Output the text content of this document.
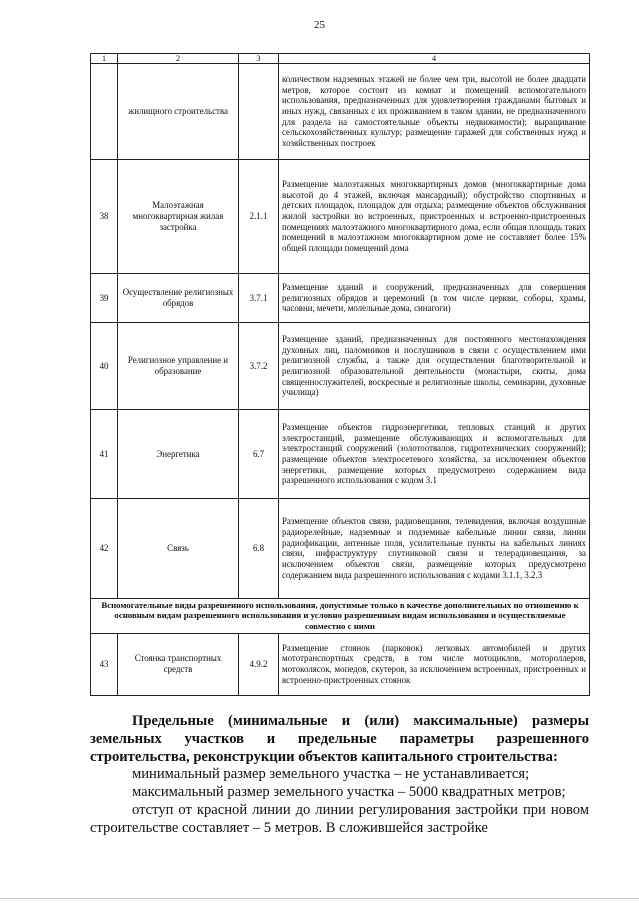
25
1	2	3	4
	жилищного строительства		количеством надземных этажей не более чем три, высотой не более двадцати метров, которое состоит из комнат и помещений вспомогательного использования, предназначенных для удовлетворения гражданами бытовых и иных нужд, связанных с их проживанием в таком здании, не предназначенного для раздела на самостоятельные объекты недвижимости); выращивание сельскохозяйственных культур; размещение гаражей для собственных нужд и хозяйственных построек
38	Малоэтажная многоквартирная жилая застройка	2.1.1	Размещение малоэтажных многоквартирных домов (многоквартирные дома высотой до 4 этажей, включая мансардный); обустройство спортивных и детских площадок, площадок для отдыха; размещение объектов обслуживания жилой застройки во встроенных, пристроенных и встроенно-пристроенных помещениях малоэтажного многоквартирного дома, если общая площадь таких помещений в малоэтажном многоквартирном доме не составляет более 15% общей площади помещений дома
39	Осуществление религиозных обрядов	3.7.1	Размещение зданий и сооружений, предназначенных для совершения религиозных обрядов и церемоний (в том числе церкви, соборы, храмы, часовни, мечети, молельные дома, синагоги)
40	Религиозное управление и образование	3.7.2	Размещение зданий, предназначенных для постоянного местонахождения духовных лиц, паломников и послушников в связи с осуществлением ими религиозной службы, а также для осуществления благотворительной и религиозной образовательной деятельности (монастыри, скиты, дома священнослужителей, воскресные и религиозные школы, семинарии, духовные училища)
41	Энергетика	6.7	Размещение объектов гидроэнергетики, тепловых станций и других электростанций, размещение обслуживающих и вспомогательных для электростанций сооружений (золотоотвалов, гидротехнических сооружений); размещение объектов электросетевого хозяйства, за исключением объектов энергетики, размещение которых предусмотрено содержанием вида разрешенного использования с кодом 3.1
42	Связь	6.8	Размещение объектов связи, радиовещания, телевидения, включая воздушные радиорелейные, надземные и подземные кабельные линии связи, линии радиофикации, антенные поля, усилительные пункты на кабельных линиях связи, инфраструктуру спутниковой связи и телерадиовещания, за исключением объектов связи, размещение которых предусмотрено содержанием вида разрешенного использования с кодами 3.1.1, 3.2.3
Вспомогательные виды разрешенного использования, допустимые только в качестве дополнительных по отношению к основным видам разрешенного использования и условно разрешенным видам использования и осуществляемые совместно с ними			
43	Стоянка транспортных средств	4.9.2	Размещение стоянок (парковок) легковых автомобилей и других мототранспортных средств, в том числе мотоциклов, мотороллеров, мотоколясок, мопедов, скутеров, за исключением встроенных, пристроенных и встроенно-пристроенных стоянок

Предельные (минимальные и (или) максимальные) размеры земельных участков и предельные параметры разрешенного строительства, реконструкции объектов капитального строительства:

минимальный размер земельного участка – не устанавливается;

максимальный размер земельного участка – 5000 квадратных метров;

отступ от красной линии до линии регулирования застройки при новом строительстве составляет – 5 метров. В сложившейся застройке
